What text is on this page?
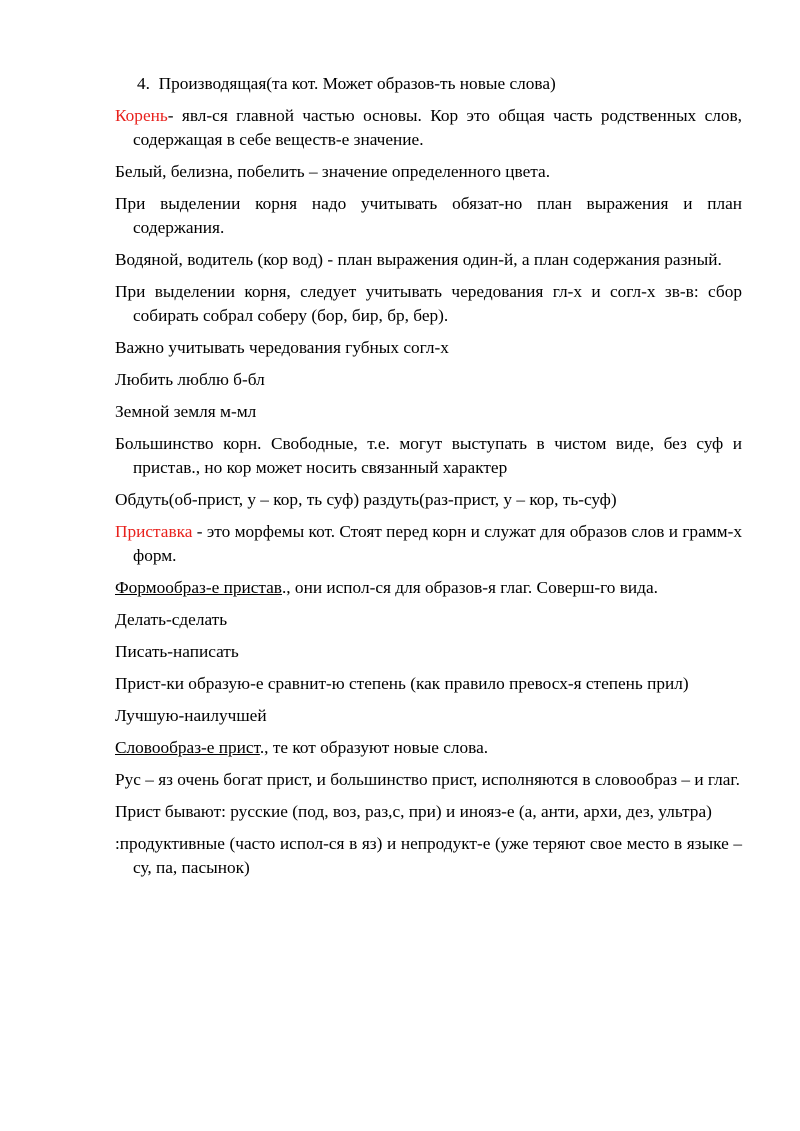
4. Производящая(та кот. Может образов-ть новые слова)

Корень- явл-ся главной частью основы. Кор это общая часть родственных слов, содержащая в себе веществ-е значение.

Белый, белизна, побелить – значение определенного цвета.

При выделении корня надо учитывать обязат-но план выражения и план содержания.

Водяной, водитель (кор вод) - план выражения один-й, а план содержания разный.

При выделении корня, следует учитывать чередования гл-х и согл-х зв-в: сбор собирать собрал соберу (бор, бир, бр, бер).

Важно учитывать чередования губных согл-х

Любить люблю б-бл

Земной земля м-мл

Большинство корн. Свободные, т.е. могут выступать в чистом виде, без суф и пристав., но кор может носить связанный характер

Обдуть(об-прист, у – кор, ть суф) раздуть(раз-прист, у – кор, ть-суф)

Приставка - это морфемы кот. Стоят перед корн и служат для образов слов и грамм-х форм.

Формообраз-е пристав., они испол-ся для образов-я глаг. Соверш-го вида.

Делать-сделать

Писать-написать

Прист-ки образую-е сравнит-ю степень (как правило превосх-я степень прил)

Лучшую-наилучшей

Словообраз-е прист., те кот образуют новые слова.

Рус – яз очень богат прист, и большинство прист, исполняются в словообраз – и глаг.

Прист бывают: русские (под, воз, раз,с, при) и инояз-е (а, анти, архи, дез, ультра)

:продуктивные (часто испол-ся в яз) и непродукт-е (уже теряют свое место в языке – су, па, пасынок)
